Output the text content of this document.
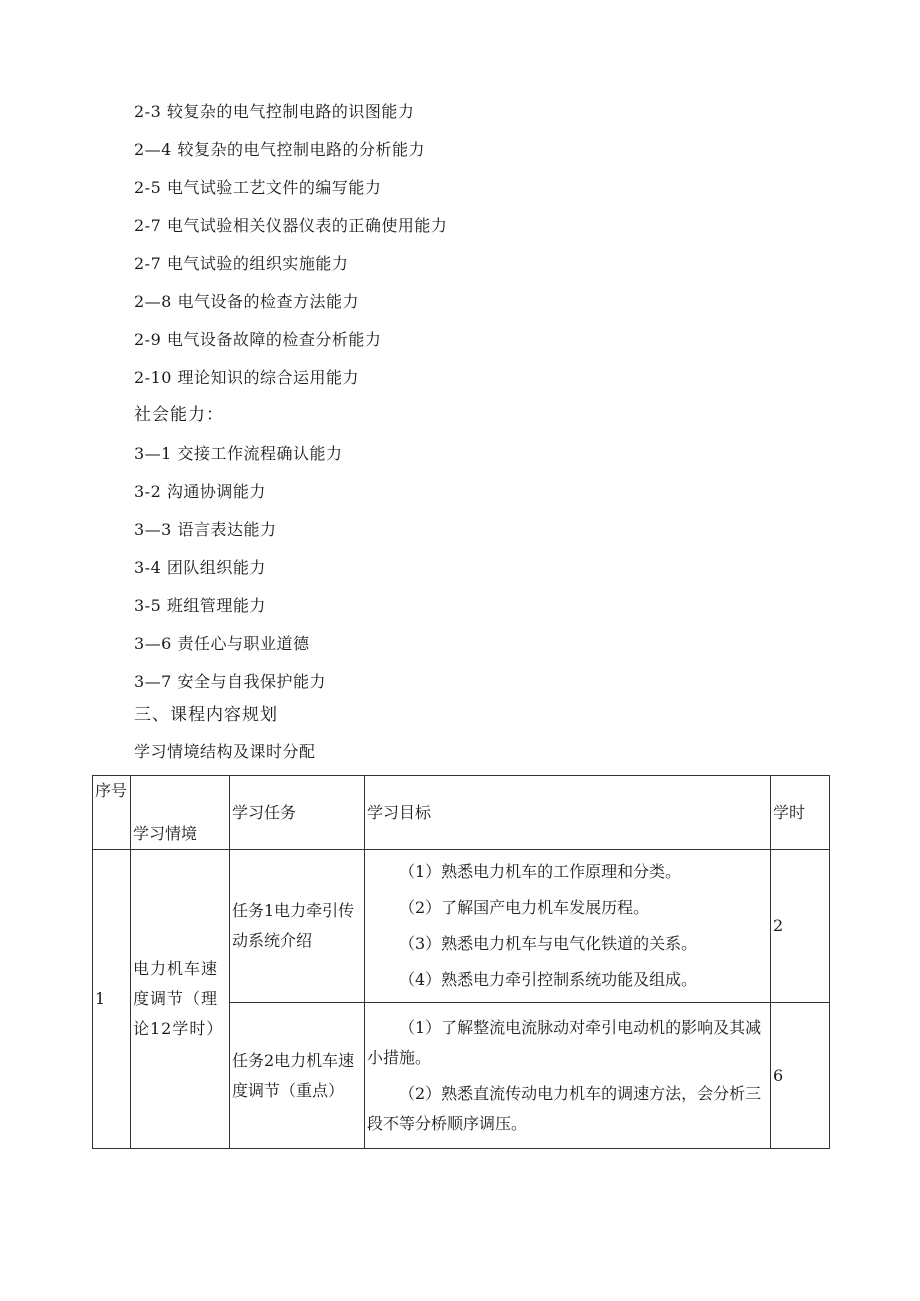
2-3 较复杂的电气控制电路的识图能力
2—4 较复杂的电气控制电路的分析能力
2-5 电气试验工艺文件的编写能力
2-7 电气试验相关仪器仪表的正确使用能力
2-7 电气试验的组织实施能力
2—8 电气设备的检查方法能力
2-9 电气设备故障的检查分析能力
2-10 理论知识的综合运用能力
社会能力：
3—1 交接工作流程确认能力
3-2 沟通协调能力
3—3 语言表达能力
3-4 团队组织能力
3-5 班组管理能力
3—6 责任心与职业道德
3—7 安全与自我保护能力
三、课程内容规划
学习情境结构及课时分配
序号	学习情境	学习任务	学习目标	学时
1	电力机车速度调节（理论12学时）	任务1电力牵引传动系统介绍	（1）熟悉电力机车的工作原理和分类。
（2）了解国产电力机车发展历程。
（3）熟悉电力机车与电气化铁道的关系。
（4）熟悉电力牵引控制系统功能及组成。	2
		任务2电力机车速度调节（重点）	（1）了解整流电流脉动对牵引电动机的影响及其减小措施。
（2）熟悉直流传动电力机车的调速方法，会分析三段不等分桥顺序调压。	6
